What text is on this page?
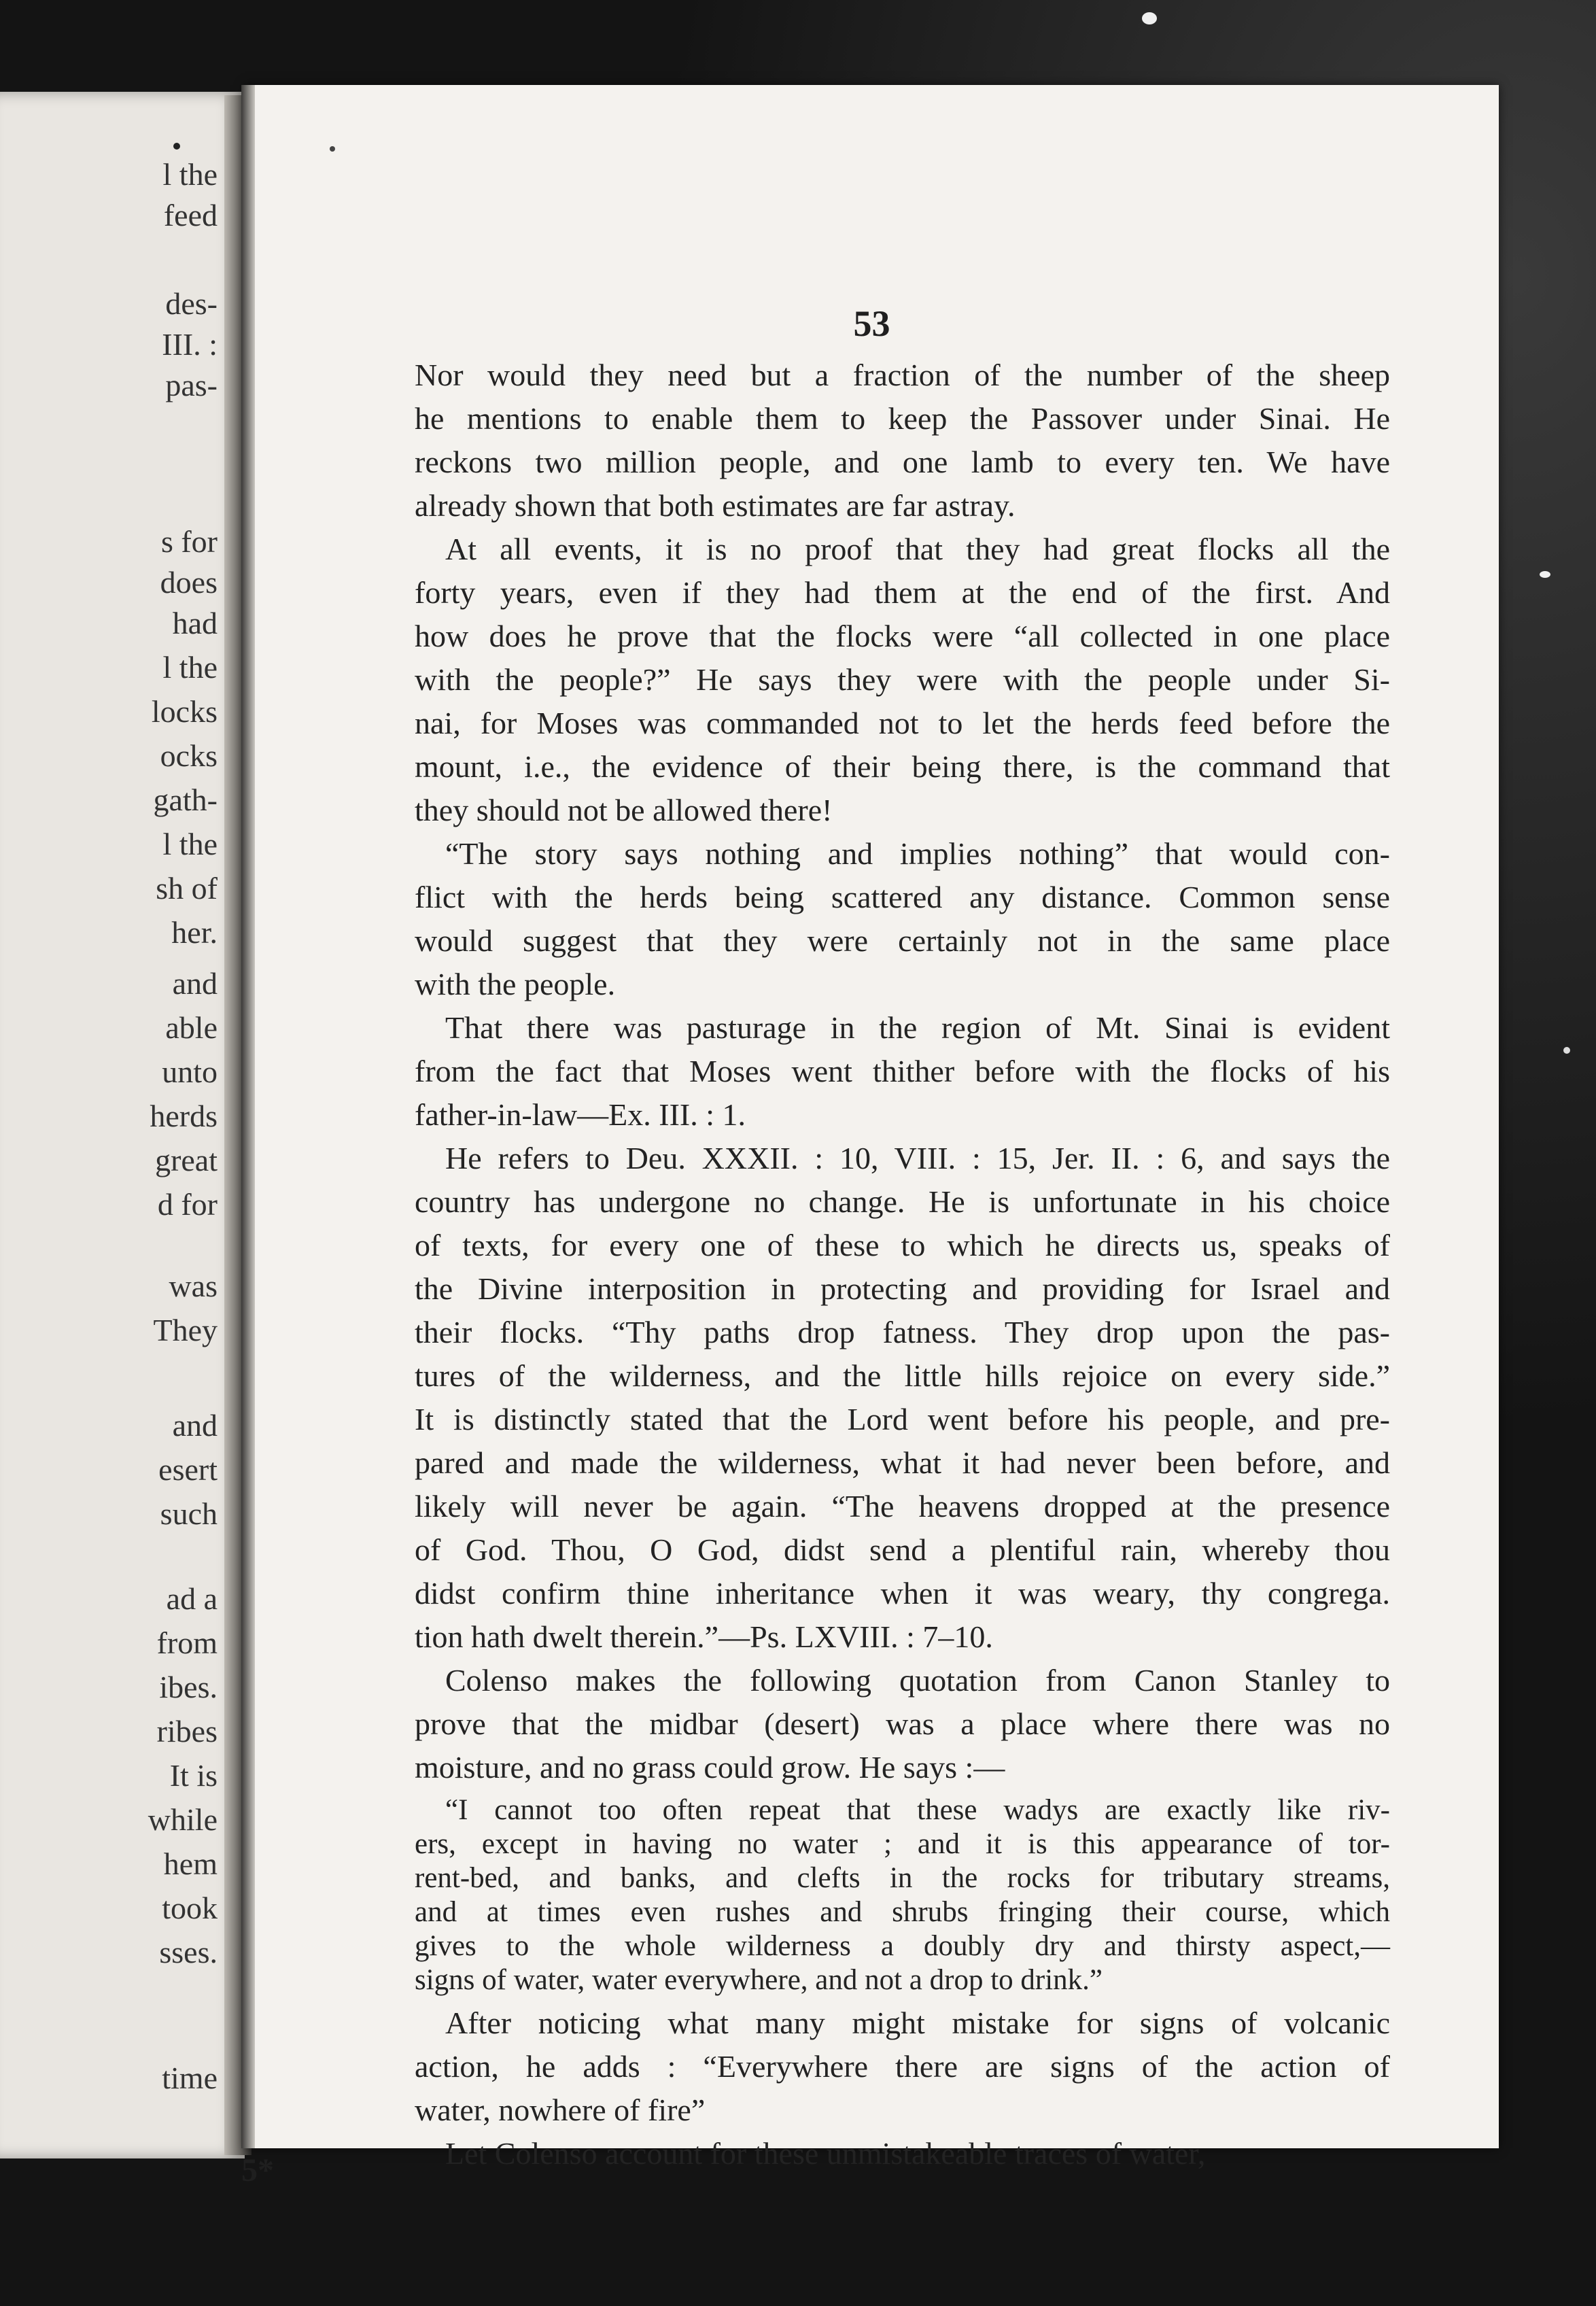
l the
feed
des-
III. :
pas-
s for
does
had
l the
locks
ocks
gath-
l the
sh of
her.
and
able
unto
herds
great
d for
was
They
and
esert
such
ad a
from
ibes.
ribes
It is
while
hem
took
sses.
time
53
Nor would they need but a fraction of the number of the sheep
he mentions to enable them to keep the Passover under Sinai. He
reckons two million people, and one lamb to every ten. We have
already shown that both estimates are far astray.
At all events, it is no proof that they had great flocks all the
forty years, even if they had them at the end of the first. And
how does he prove that the flocks were “all collected in one place
with the people?” He says they were with the people under Si-
nai, for Moses was commanded not to let the herds feed before the
mount, i.e., the evidence of their being there, is the command that
they should not be allowed there!
“The story says nothing and implies nothing” that would con-
flict with the herds being scattered any distance. Common sense
would suggest that they were certainly not in the same place
with the people.
That there was pasturage in the region of Mt. Sinai is evident
from the fact that Moses went thither before with the flocks of his
father-in-law—Ex. III. : 1.
He refers to Deu. XXXII. : 10, VIII. : 15, Jer. II. : 6, and says the
country has undergone no change. He is unfortunate in his choice
of texts, for every one of these to which he directs us, speaks of
the Divine interposition in protecting and providing for Israel and
their flocks. “Thy paths drop fatness. They drop upon the pas-
tures of the wilderness, and the little hills rejoice on every side.”
It is distinctly stated that the Lord went before his people, and pre-
pared and made the wilderness, what it had never been before, and
likely will never be again. “The heavens dropped at the presence
of God. Thou, O God, didst send a plentiful rain, whereby thou
didst confirm thine inheritance when it was weary, thy congrega.
tion hath dwelt therein.”—Ps. LXVIII. : 7–10.
Colenso makes the following quotation from Canon Stanley to
prove that the midbar (desert) was a place where there was no
moisture, and no grass could grow. He says :—
“I cannot too often repeat that these wadys are exactly like riv-
ers, except in having no water ; and it is this appearance of tor-
rent-bed, and banks, and clefts in the rocks for tributary streams,
and at times even rushes and shrubs fringing their course, which
gives to the whole wilderness a doubly dry and thirsty aspect,—
signs of water, water everywhere, and not a drop to drink.”
After noticing what many might mistake for signs of volcanic
action, he adds : “Everywhere there are signs of the action of
water, nowhere of fire”
Let Colenso account for these unmistakeable traces of water,
5*
